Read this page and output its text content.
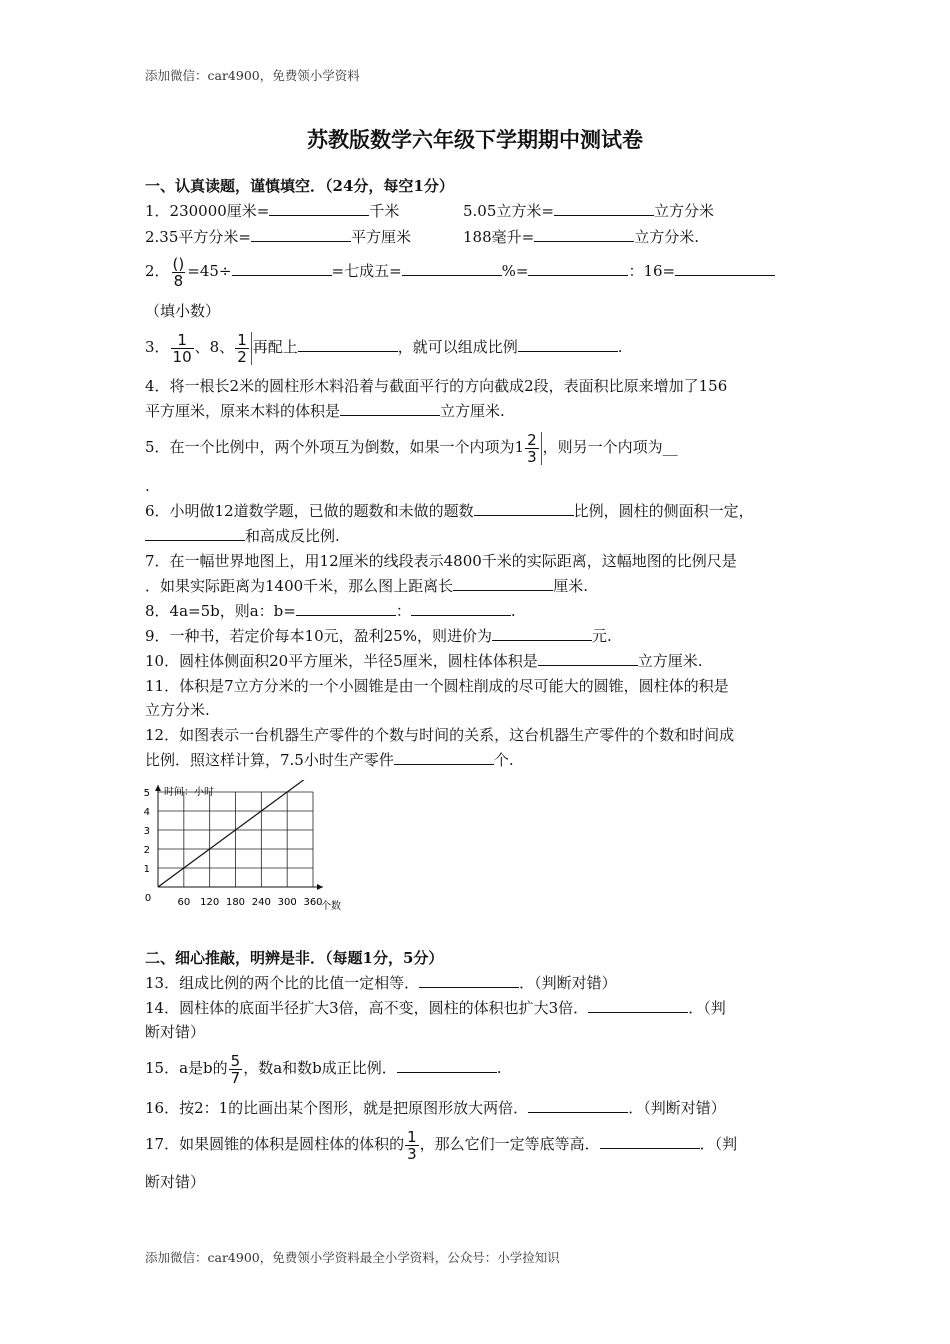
添加微信：car4900，免费领小学资料
苏教版数学六年级下学期期中测试卷
一、认真读题，谨慎填空．（24分，每空1分）
1．230000厘米=	千米	5.05立方米=	立方分米
2.35平方分米=	平方厘米	188毫升=	立方分米.
2． $\frac{()}{8} =45\div$	=七成五=	%=	：16=
（填小数）
3． $\frac{1}{10}$ 、8、 $\frac{1}{2}$ 再配上	，就可以组成比例	.
4．将一根长2米的圆柱形木料沿着与截面平行的方向截成2段，表面积比原来增加了156
平方厘米，原来木料的体积是	立方厘米.
5．在一个比例中，两个外项互为倒数，如果一个内项为$1 \frac{2}{3}$ ，则另一个内项为__
.
6．小明做12道数学题，已做的题数和未做的题数	比例，圆柱的侧面积一定，
和高成反比例.
7．在一幅世界地图上，用12厘米的线段表示4800千米的实际距离，这幅地图的比例尺是
．如果实际距离为1400千米，那么图上距离长	厘米.
8．4a=5b，则a：b=	：	.
9．一种书，若定价每本10元，盈利25%，则进价为	元.
10．圆柱体侧面积20平方厘米，半径5厘米，圆柱体体积是	立方厘米.
11．体积是7立方分米的一个小圆锥是由一个圆柱削成的尽可能大的圆锥，圆柱体的积是
立方分米.
12．如图表示一台机器生产零件的个数与时间的关系，这台机器生产零件的个数和时间成
比例．照这样计算，7.5小时生产零件	个.
60 120 180 240 300 360
1
2
3
4
5
0
时间：小时
个数
二、细心推敲，明辨是非．（每题1分，5分）
13．组成比例的两个比的比值一定相等．	．（判断对错）
14．圆柱体的底面半径扩大3倍，高不变，圆柱的体积也扩大3倍．	．（判
断对错）
15．a是b的 $\frac{5}{7}$ ，数a和数b成正比例．	.
16．按2：1的比画出某个图形，就是把原图形放大两倍．	．（判断对错）
17．如果圆锥的体积是圆柱体的体积的 $\frac{1}{3}$ ，那么它们一定等底等高．	．（判
断对错）
添加微信：car4900，免费领小学资料最全小学资料，公众号：小学捡知识
